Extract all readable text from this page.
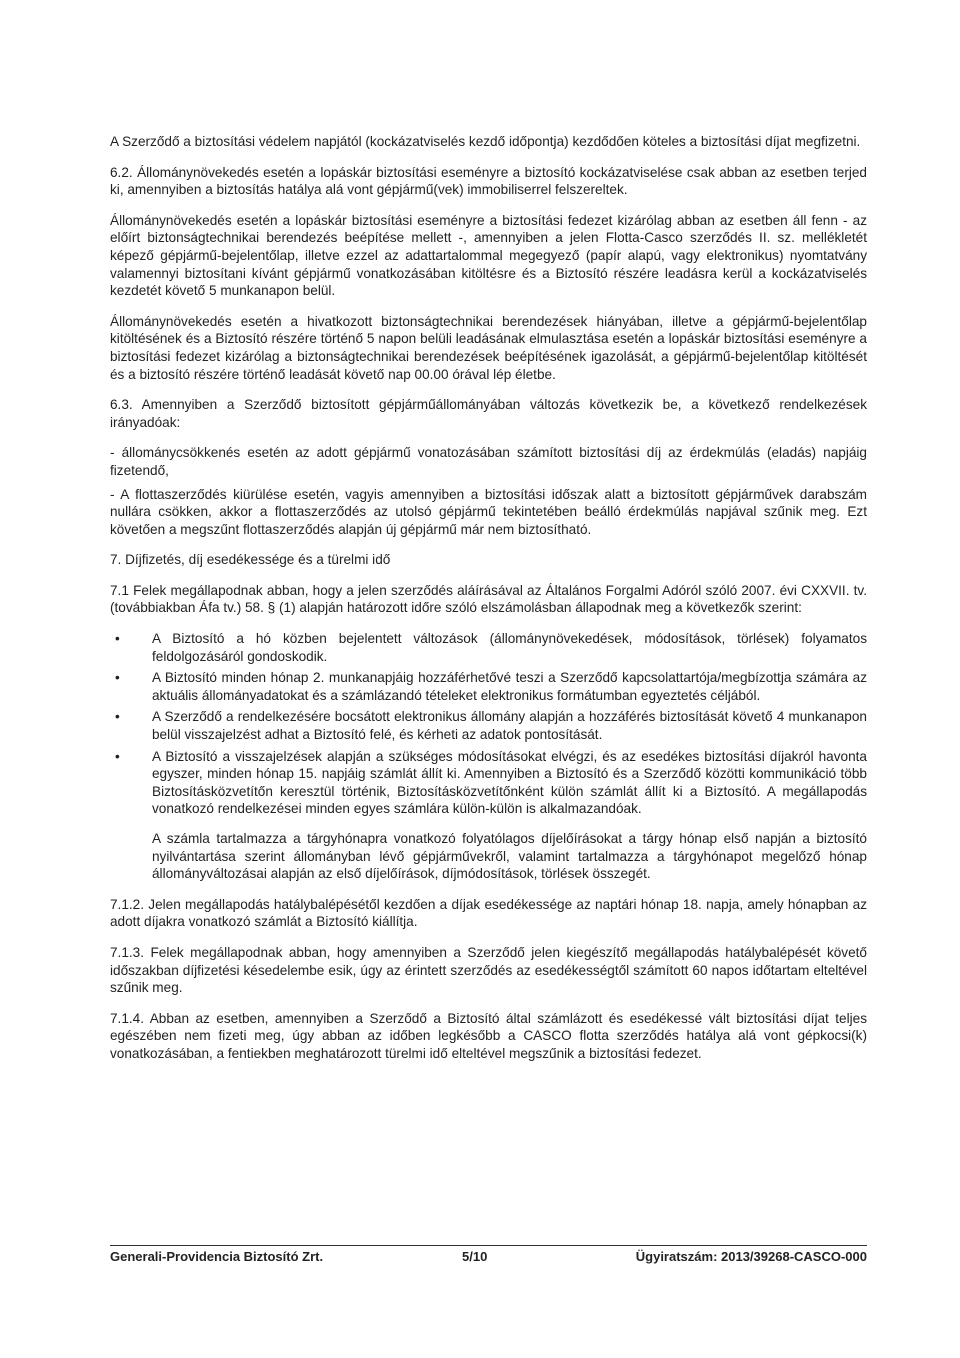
A Szerződő a biztosítási védelem napjától (kockázatviselés kezdő időpontja) kezdődően köteles a biztosítási díjat megfizetni.

6.2. Állománynövekedés esetén a lopáskár biztosítási eseményre a biztosító kockázatviselése csak abban az esetben terjed ki, amennyiben a biztosítás hatálya alá vont gépjármű(vek) immobiliserrel felszereltek.

Állománynövekedés esetén a lopáskár biztosítási eseményre a biztosítási fedezet kizárólag abban az esetben áll fenn - az előírt biztonságtechnikai berendezés beépítése mellett -, amennyiben a jelen Flotta-Casco szerződés II. sz. mellékletét képező gépjármű-bejelentőlap, illetve ezzel az adattartalommal megegyező (papír alapú, vagy elektronikus) nyomtatvány valamennyi biztosítani kívánt gépjármű vonatkozásában kitöltésre és a Biztosító részére leadásra kerül a kockázatviselés kezdetét követő 5 munkanapon belül.

Állománynövekedés esetén a hivatkozott biztonságtechnikai berendezések hiányában, illetve a gépjármű-bejelentőlap kitöltésének és a Biztosító részére történő 5 napon belüli leadásának elmulasztása esetén a lopáskár biztosítási eseményre a biztosítási fedezet kizárólag a biztonságtechnikai berendezések beépítésének igazolását, a gépjármű-bejelentőlap kitöltését és a biztosító részére történő leadását követő nap 00.00 órával lép életbe.

6.3. Amennyiben a Szerződő biztosított gépjárműállományában változás következik be, a következő rendelkezések irányadóak:

- állománycsökkenés esetén az adott gépjármű vonatozásában számított biztosítási díj az érdekmúlás (eladás) napjáig fizetendő,

- A flottaszerződés kiürülése esetén, vagyis amennyiben a biztosítási időszak alatt a biztosított gépjárművek darabszám nullára csökken, akkor a flottaszerződés az utolsó gépjármű tekintetében beálló érdekmúlás napjával szűnik meg. Ezt követően a megszűnt flottaszerződés alapján új gépjármű már nem biztosítható.

7. Díjfizetés, díj esedékessége és a türelmi idő

7.1 Felek megállapodnak abban, hogy a jelen szerződés aláírásával az Általános Forgalmi Adóról szóló 2007. évi CXXVII. tv. (továbbiakban Áfa tv.) 58. § (1) alapján határozott időre szóló elszámolásban állapodnak meg a következők szerint:

• A Biztosító a hó közben bejelentett változások (állománynövekedések, módosítások, törlések) folyamatos feldolgozásáról gondoskodik.
• A Biztosító minden hónap 2. munkanapjáig hozzáférhetővé teszi a Szerződő kapcsolattartója/megbízottja számára az aktuális állományadatokat és a számlázandó tételeket elektronikus formátumban egyeztetés céljából.
• A Szerződő a rendelkezésére bocsátott elektronikus állomány alapján a hozzáférés biztosítását követő 4 munkanapon belül visszajelzést adhat a Biztosító felé, és kérheti az adatok pontosítását.
• A Biztosító a visszajelzések alapján a szükséges módosításokat elvégzi, és az esedékes biztosítási díjakról havonta egyszer, minden hónap 15. napjáig számlát állít ki. Amennyiben a Biztosító és a Szerződő közötti kommunikáció több Biztosításközvetítőn keresztül történik, Biztosításközvetítőnként külön számlát állít ki a Biztosító. A megállapodás vonatkozó rendelkezései minden egyes számlára külön-külön is alkalmazandóak.

A számla tartalmazza a tárgyhónapra vonatkozó folyatólagos díjelőírásokat a tárgy hónap első napján a biztosító nyilvántartása szerint állományban lévő gépjárművekről, valamint tartalmazza a tárgyhónapot megelőző hónap állományváltozásai alapján az első díjelőírások, díjmódosítások, törlések összegét.

7.1.2. Jelen megállapodás hatálybalépésétől kezdően a díjak esedékessége az naptári hónap 18. napja, amely hónapban az adott díjakra vonatkozó számlát a Biztosító kiállítja.

7.1.3. Felek megállapodnak abban, hogy amennyiben a Szerződő jelen kiegészítő megállapodás hatálybalépését követő időszakban díjfizetési késedelembe esik, úgy az érintett szerződés az esedékességtől számított 60 napos időtartam elteltével szűnik meg.

7.1.4. Abban az esetben, amennyiben a Szerződő a Biztosító által számlázott és esedékessé vált biztosítási díjat teljes egészében nem fizeti meg, úgy abban az időben legkésőbb a CASCO flotta szerződés hatálya alá vont gépkocsi(k) vonatkozásában, a fentiekben meghatározott türelmi idő elteltével megszűnik a biztosítási fedezet.

Generali-Providencia Biztosító Zrt.	5/10	Ügyiratszám: 2013/39268-CASCO-000
